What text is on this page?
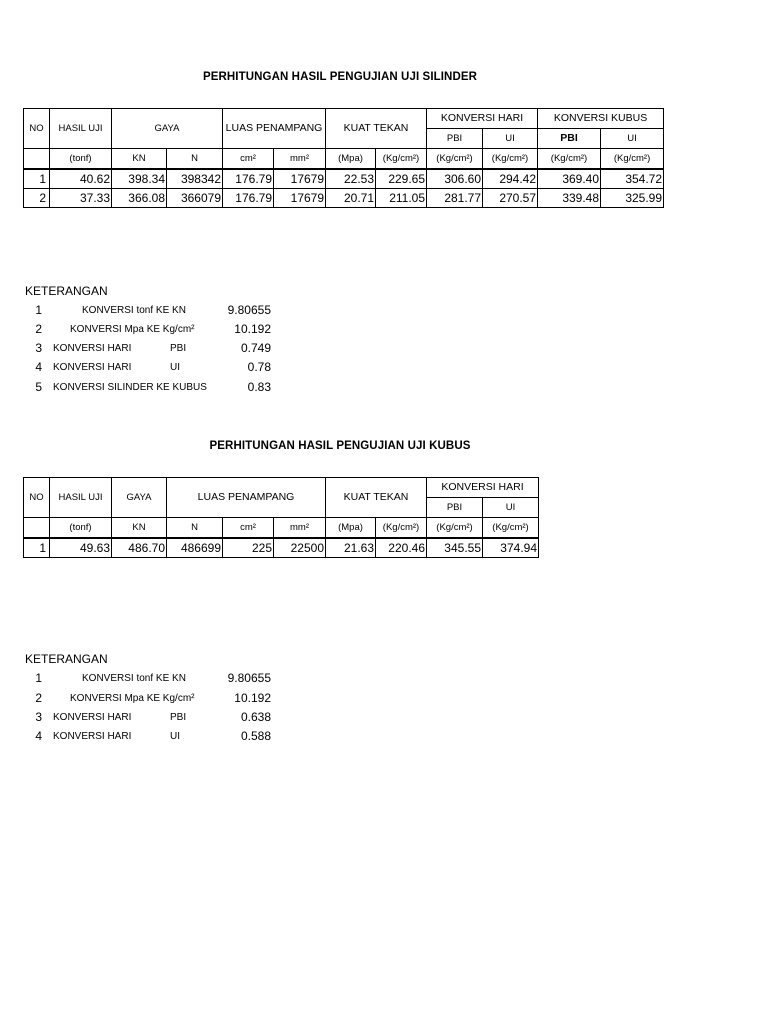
PERHITUNGAN HASIL PENGUJIAN UJI SILINDER
NO	HASIL UJI	GAYA		LUAS PENAMPANG		KUAT TEKAN		KONVERSI HARI		KONVERSI KUBUS	
								PBI	UI	PBI	UI
	(tonf)	KN	N	cm²	mm²	(Mpa)	(Kg/cm²)	(Kg/cm²)	(Kg/cm²)	(Kg/cm²)	(Kg/cm²)
1	40.62	398.34	398342	176.79	17679	22.53	229.65	306.60	294.42	369.40	354.72
2	37.33	366.08	366079	176.79	17679	20.71	211.05	281.77	270.57	339.48	325.99
KETERANGAN
1	KONVERSI tonf KE KN	9.80655
2	KONVERSI Mpa KE Kg/cm²	10.192
3 KONVERSI HARI	PBI	0.749
4 KONVERSI HARI	UI	0.78
5 KONVERSI SILINDER KE KUBUS	0.83
PERHITUNGAN HASIL PENGUJIAN UJI KUBUS
NO	HASIL UJI	GAYA	LUAS PENAMPANG			KUAT TEKAN		KONVERSI HARI	
								PBI	UI
	(tonf)	KN	N	cm²	mm²	(Mpa)	(Kg/cm²)	(Kg/cm²)	(Kg/cm²)
1	49.63	486.70	486699	225	22500	21.63	220.46	345.55	374.94
KETERANGAN
1	KONVERSI tonf KE KN	9.80655
2	KONVERSI Mpa KE Kg/cm²	10.192
3 KONVERSI HARI	PBI	0.638
4 KONVERSI HARI	UI	0.588
